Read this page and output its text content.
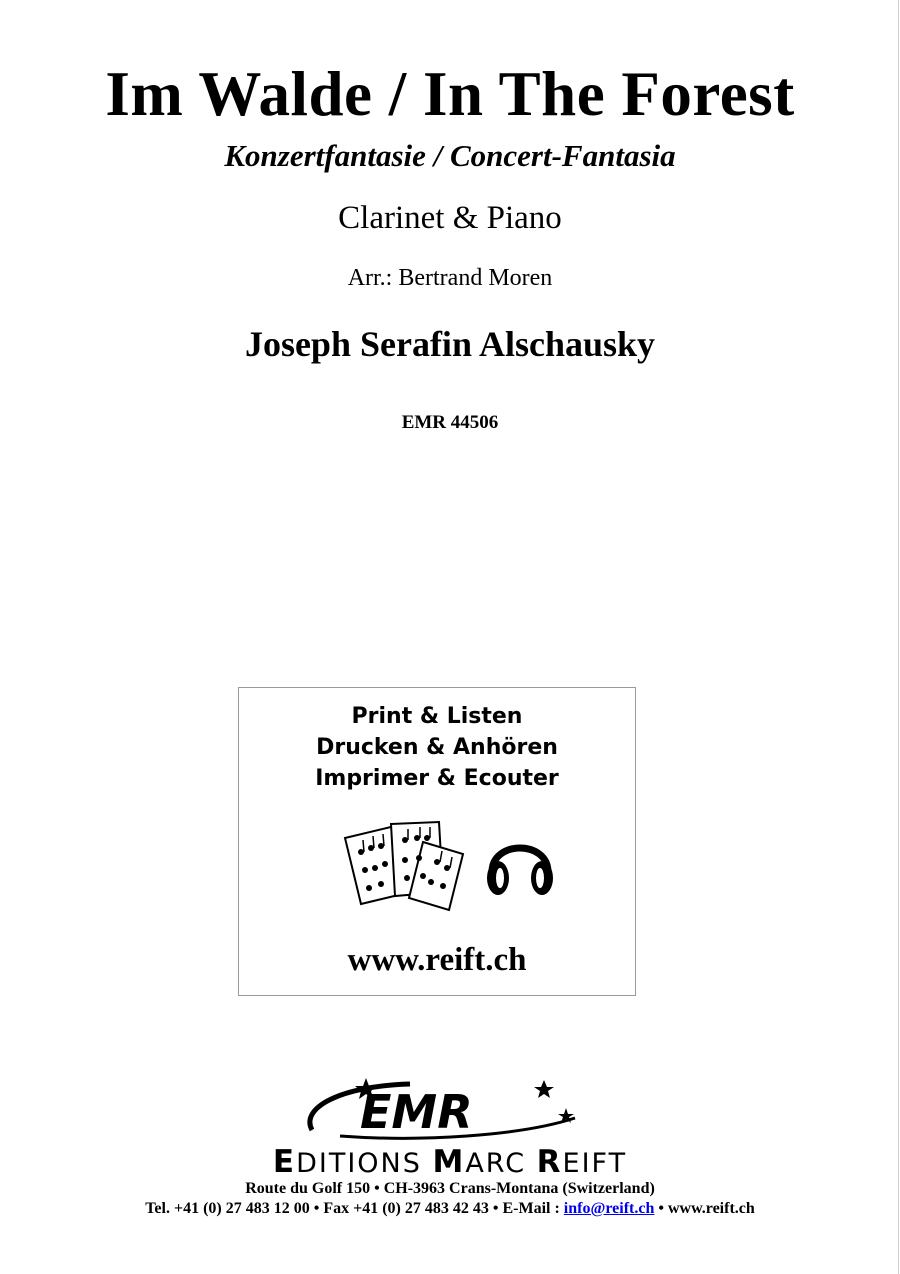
Im Walde / In The Forest
Konzertfantasie / Concert-Fantasia
Clarinet & Piano
Arr.: Bertrand Moren
Joseph Serafin Alschausky
EMR 44506
Print & Listen
Drucken & Anhören
Imprimer & Ecouter
www.reift.ch
EMR
EDITIONS MARC REIFT
Route du Golf 150 • CH-3963 Crans-Montana (Switzerland)
Tel. +41 (0) 27 483 12 00 • Fax +41 (0) 27 483 42 43 • E-Mail : info@reift.ch • www.reift.ch
